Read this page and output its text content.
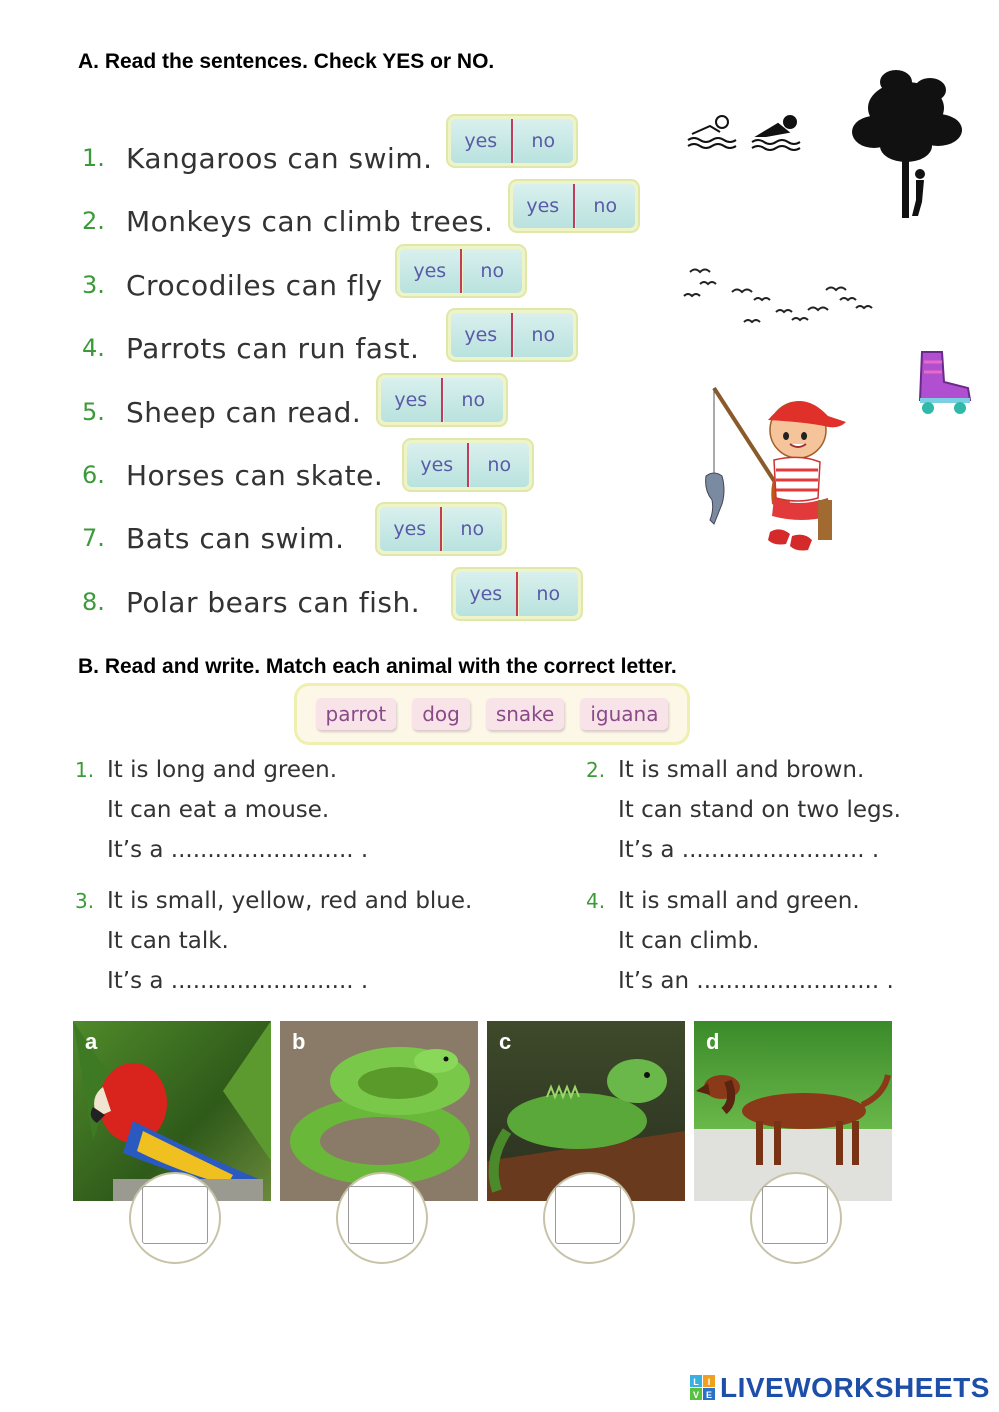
A. Read the sentences. Check YES or NO.
1. Kangaroos can swim.
2. Monkeys can climb trees.
3. Crocodiles can fly
4. Parrots can run fast.
5. Sheep can read.
6. Horses can skate.
7. Bats can swim.
8. Polar bears can fish.
yes	no
yes	no
yes	no
yes	no
yes	no
yes	no
yes	no
yes	no
B. Read and write. Match each animal with the correct letter.
parrot	dog	snake	iguana
1. It is long and green.
It can eat a mouse.
It’s a ......................... .
2. It is small and brown.
It can stand on two legs.
It’s a ......................... .
3. It is small, yellow, red and blue.
It can talk.
It’s a ......................... .
4. It is small and green.
It can climb.
It’s an ......................... .
a	b	c	d
L I
V E LIVEWORKSHEETS
